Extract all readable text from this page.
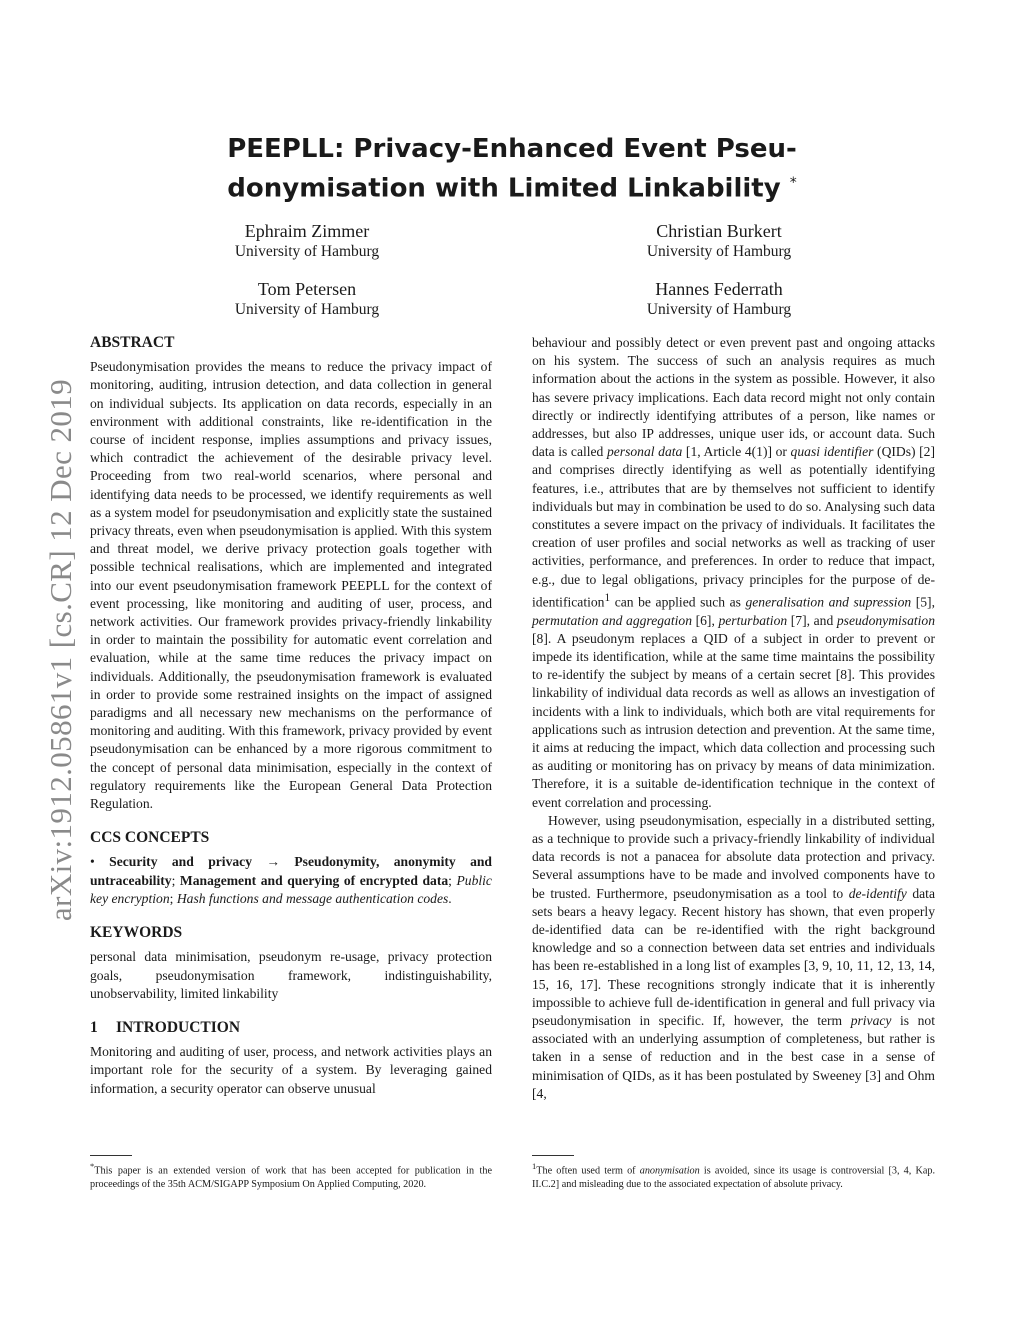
arXiv:1912.05861v1 [cs.CR] 12 Dec 2019
PEEPLL: Privacy-Enhanced Event Pseu-
donymisation with Limited Linkability *
Ephraim Zimmer
University of Hamburg
Christian Burkert
University of Hamburg
Tom Petersen
University of Hamburg
Hannes Federrath
University of Hamburg
ABSTRACT

Pseudonymisation provides the means to reduce the privacy impact of monitoring, auditing, intrusion detection, and data collection in general on individual subjects. Its application on data records, especially in an environment with additional constraints, like re-identification in the course of incident response, implies assumptions and privacy issues, which contradict the achievement of the desirable privacy level. Proceeding from two real-world scenarios, where personal and identifying data needs to be processed, we identify requirements as well as a system model for pseudonymisation and explicitly state the sustained privacy threats, even when pseudonymisation is applied. With this system and threat model, we derive privacy protection goals together with possible technical realisations, which are implemented and integrated into our event pseudonymisation framework PEEPLL for the context of event processing, like monitoring and auditing of user, process, and network activities. Our framework provides privacy-friendly linkability in order to maintain the possibility for automatic event correlation and evaluation, while at the same time reduces the privacy impact on individuals. Additionally, the pseudonymisation framework is evaluated in order to provide some restrained insights on the impact of assigned paradigms and all necessary new mechanisms on the performance of monitoring and auditing. With this framework, privacy provided by event pseudonymisation can be enhanced by a more rigorous commitment to the concept of personal data minimisation, especially in the context of regulatory requirements like the European General Data Protection Regulation.

CCS CONCEPTS

• Security and privacy → Pseudonymity, anonymity and untraceability; Management and querying of encrypted data; Public key encryption; Hash functions and message authentication codes.

KEYWORDS

personal data minimisation, pseudonym re-usage, privacy protection goals, pseudonymisation framework, indistinguishability, unobservability, limited linkability

1 INTRODUCTION

Monitoring and auditing of user, process, and network activities plays an important role for the security of a system. By leveraging gained information, a security operator can observe unusual

*This paper is an extended version of work that has been accepted for publication in the proceedings of the 35th ACM/SIGAPP Symposium On Applied Computing, 2020.

behaviour and possibly detect or even prevent past and ongoing attacks on his system. The success of such an analysis requires as much information about the actions in the system as possible. However, it also has severe privacy implications. Each data record might not only contain directly or indirectly identifying attributes of a person, like names or addresses, but also IP addresses, unique user ids, or account data. Such data is called personal data [1, Article 4(1)] or quasi identifier (QIDs) [2] and comprises directly identifying as well as potentially identifying features, i.e., attributes that are by themselves not sufficient to identify individuals but may in combination be used to do so. Analysing such data constitutes a severe impact on the privacy of individuals. It facilitates the creation of user profiles and social networks as well as tracking of user activities, performance, and preferences. In order to reduce that impact, e.g., due to legal obligations, privacy principles for the purpose of de-identification$^1$ can be applied such as generalisation and supression [5], permutation and aggregation [6], perturbation [7], and pseudonymisation [8]. A pseudonym replaces a QID of a subject in order to prevent or impede its identification, while at the same time maintains the possibility to re-identify the subject by means of a certain secret [8]. This provides linkability of individual data records as well as allows an investigation of incidents with a link to individuals, which both are vital requirements for applications such as intrusion detection and prevention. At the same time, it aims at reducing the impact, which data collection and processing such as auditing or monitoring has on privacy by means of data minimization. Therefore, it is a suitable de-identification technique in the context of event correlation and processing.

However, using pseudonymisation, especially in a distributed setting, as a technique to provide such a privacy-friendly linkability of individual data records is not a panacea for absolute data protection and privacy. Several assumptions have to be made and involved components have to be trusted. Furthermore, pseudonymisation as a tool to de-identify data sets bears a heavy legacy. Recent history has shown, that even properly de-identified data can be re-identified with the right background knowledge and so a connection between data set entries and individuals has been re-established in a long list of examples [3, 9, 10, 11, 12, 13, 14, 15, 16, 17]. These recognitions strongly indicate that it is inherently impossible to achieve full de-identification in general and full privacy via pseudonymisation in specific. If, however, the term privacy is not associated with an underlying assumption of completeness, but rather is taken in a sense of reduction and in the best case in a sense of minimisation of QIDs, as it has been postulated by Sweeney [3] and Ohm [4,

$^1$The often used term of anonymisation is avoided, since its usage is controversial [3, 4, Kap. II.C.2] and misleading due to the associated expectation of absolute privacy.
